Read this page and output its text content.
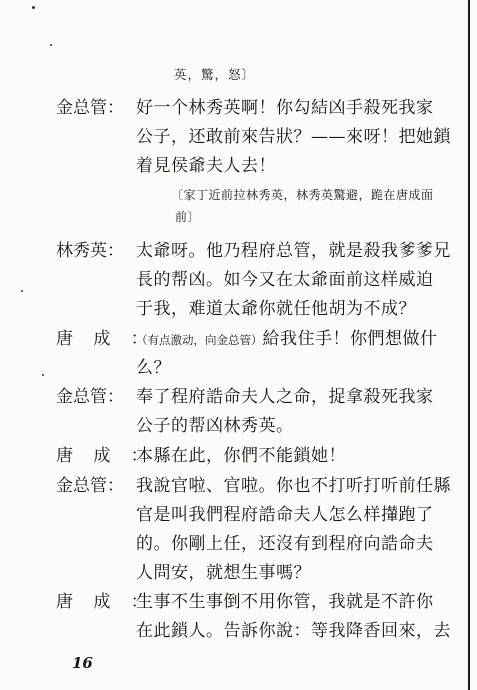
英，驚，怒〕
金总管： 好一个林秀英啊！你勾結凶手殺死我家
公子，还敢前來告狀？——來呀！把她鎖
着見侯爺夫人去！
〔家丁近前拉林秀英，林秀英驚避，跪在唐成面
前〕
林秀英： 太爺呀。他乃程府总管，就是殺我爹爹兄
長的帮凶。如今又在太爺面前这样威迫
于我，难道太爺你就任他胡为不成？
唐成：
（有点激动，向金总管）給我住手！你們想做什
么？
金总管： 奉了程府誥命夫人之命，捉拿殺死我家
公子的帮凶林秀英。
唐成：
本縣在此，你們不能鎖她！
金总管： 我說官啦、官啦。你也不打听打听前任縣
官是叫我們程府誥命夫人怎么样攆跑了
的。你剛上任，还沒有到程府向誥命夫
人問安，就想生事嗎？
唐成：
生事不生事倒不用你管，我就是不許你
在此鎖人。告訴你說：等我降香回來，去
16
